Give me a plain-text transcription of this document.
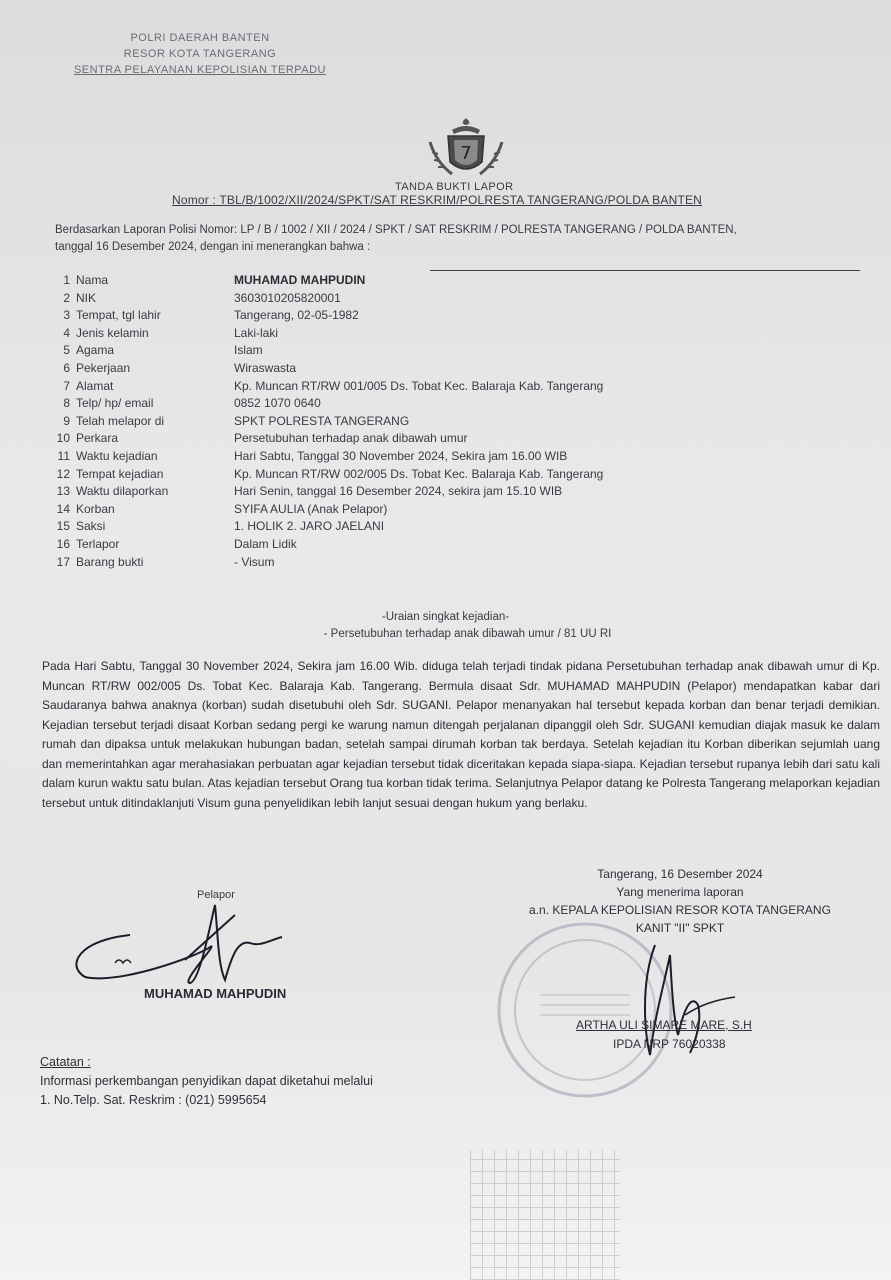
POLRI DAERAH BANTEN
RESOR KOTA TANGERANG
SENTRA PELAYANAN KEPOLISIAN TERPADU
7
TANDA BUKTI LAPOR
Nomor : TBL/B/1002/XII/2024/SPKT/SAT RESKRIM/POLRESTA TANGERANG/POLDA BANTEN
Berdasarkan Laporan Polisi Nomor: LP / B / 1002 / XII / 2024 / SPKT / SAT RESKRIM / POLRESTA TANGERANG / POLDA BANTEN,
tanggal 16 Desember 2024, dengan ini menerangkan bahwa :
1 Nama	MUHAMAD MAHPUDIN
2 NIK	3603010205820001
3 Tempat, tgl lahir	Tangerang, 02-05-1982
4 Jenis kelamin	Laki-laki
5 Agama	Islam
6 Pekerjaan	Wiraswasta
7 Alamat	Kp. Muncan RT/RW 001/005 Ds. Tobat Kec. Balaraja Kab. Tangerang
8 Telp/ hp/ email	0852 1070 0640
9 Telah melapor di	SPKT POLRESTA TANGERANG
10 Perkara	Persetubuhan terhadap anak dibawah umur
11 Waktu kejadian	Hari Sabtu, Tanggal 30 November 2024, Sekira jam 16.00 WIB
12 Tempat kejadian	Kp. Muncan RT/RW 002/005 Ds. Tobat Kec. Balaraja Kab. Tangerang
13 Waktu dilaporkan	Hari Senin, tanggal 16 Desember 2024, sekira jam 15.10 WIB
14 Korban	SYIFA AULIA (Anak Pelapor)
15 Saksi	1. HOLIK 2. JARO JAELANI
16 Terlapor	Dalam Lidik
17 Barang bukti	- Visum
-Uraian singkat kejadian-
- Persetubuhan terhadap anak dibawah umur / 81 UU RI
Pada Hari Sabtu, Tanggal 30 November 2024, Sekira jam 16.00 Wib. diduga telah terjadi tindak pidana Persetubuhan terhadap anak dibawah umur di Kp. Muncan RT/RW 002/005 Ds. Tobat Kec. Balaraja Kab. Tangerang. Bermula disaat Sdr. MUHAMAD MAHPUDIN (Pelapor) mendapatkan kabar dari Saudaranya bahwa anaknya (korban) sudah disetubuhi oleh Sdr. SUGANI. Pelapor menanyakan hal tersebut kepada korban dan benar terjadi demikian. Kejadian tersebut terjadi disaat Korban sedang pergi ke warung namun ditengah perjalanan dipanggil oleh Sdr. SUGANI kemudian diajak masuk ke dalam rumah dan dipaksa untuk melakukan hubungan badan, setelah sampai dirumah korban tak berdaya. Setelah kejadian itu Korban diberikan sejumlah uang dan memerintahkan agar merahasiakan perbuatan agar kejadian tersebut tidak diceritakan kepada siapa-siapa. Kejadian tersebut rupanya lebih dari satu kali dalam kurun waktu satu bulan. Atas kejadian tersebut Orang tua korban tidak terima. Selanjutnya Pelapor datang ke Polresta Tangerang melaporkan kejadian tersebut untuk ditindaklanjuti Visum guna penyelidikan lebih lanjut sesuai dengan hukum yang berlaku.
Pelapor
MUHAMAD MAHPUDIN
Tangerang, 16 Desember 2024
Yang menerima laporan
a.n. KEPALA KEPOLISIAN RESOR KOTA TANGERANG
KANIT "II" SPKT
ARTHA ULI SIMARE MARE, S.H
IPDA NRP 76020338
Catatan :
Informasi perkembangan penyidikan dapat diketahui melalui
1. No.Telp. Sat. Reskrim : (021) 5995654
